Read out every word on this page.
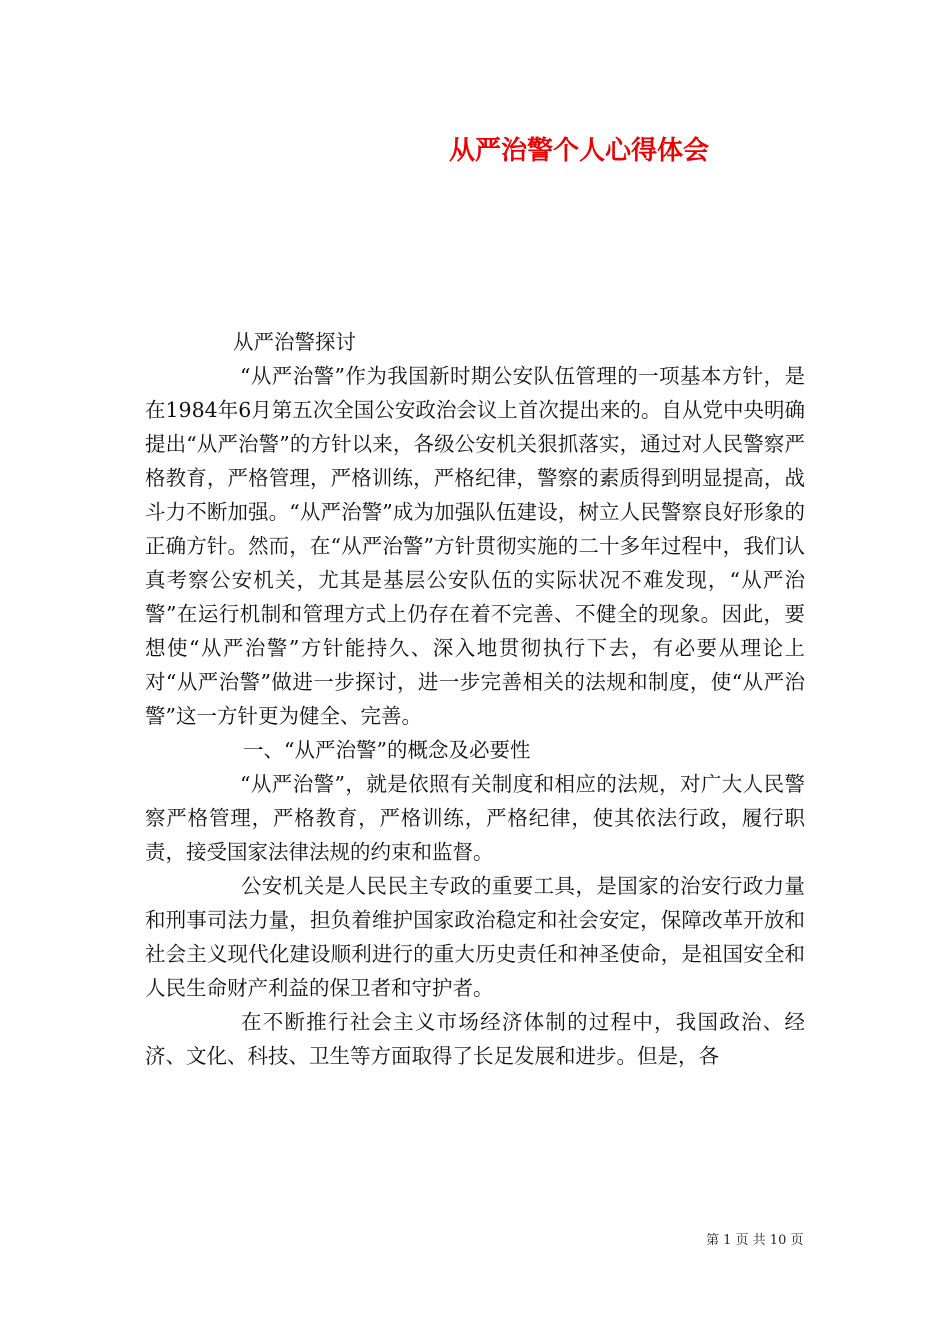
从严治警个人心得体会

从严治警探讨

“从严治警”作为我国新时期公安队伍管理的一项基本方针，是在1984年6月第五次全国公安政治会议上首次提出来的。自从党中央明确提出“从严治警”的方针以来，各级公安机关狠抓落实，通过对人民警察严格教育，严格管理，严格训练，严格纪律，警察的素质得到明显提高，战斗力不断加强。“从严治警”成为加强队伍建设，树立人民警察良好形象的正确方针。然而，在“从严治警”方针贯彻实施的二十多年过程中，我们认真考察公安机关，尤其是基层公安队伍的实际状况不难发现，“从严治警”在运行机制和管理方式上仍存在着不完善、不健全的现象。因此，要想使“从严治警”方针能持久、深入地贯彻执行下去，有必要从理论上对“从严治警”做进一步探讨，进一步完善相关的法规和制度，使“从严治警”这一方针更为健全、完善。

一、“从严治警”的概念及必要性

“从严治警”，就是依照有关制度和相应的法规，对广大人民警察严格管理，严格教育，严格训练，严格纪律，使其依法行政，履行职责，接受国家法律法规的约束和监督。

公安机关是人民民主专政的重要工具，是国家的治安行政力量和刑事司法力量，担负着维护国家政治稳定和社会安定，保障改革开放和社会主义现代化建设顺利进行的重大历史责任和神圣使命，是祖国安全和人民生命财产利益的保卫者和守护者。

在不断推行社会主义市场经济体制的过程中，我国政治、经济、文化、科技、卫生等方面取得了长足发展和进步。但是，各

第 1 页 共 10 页
